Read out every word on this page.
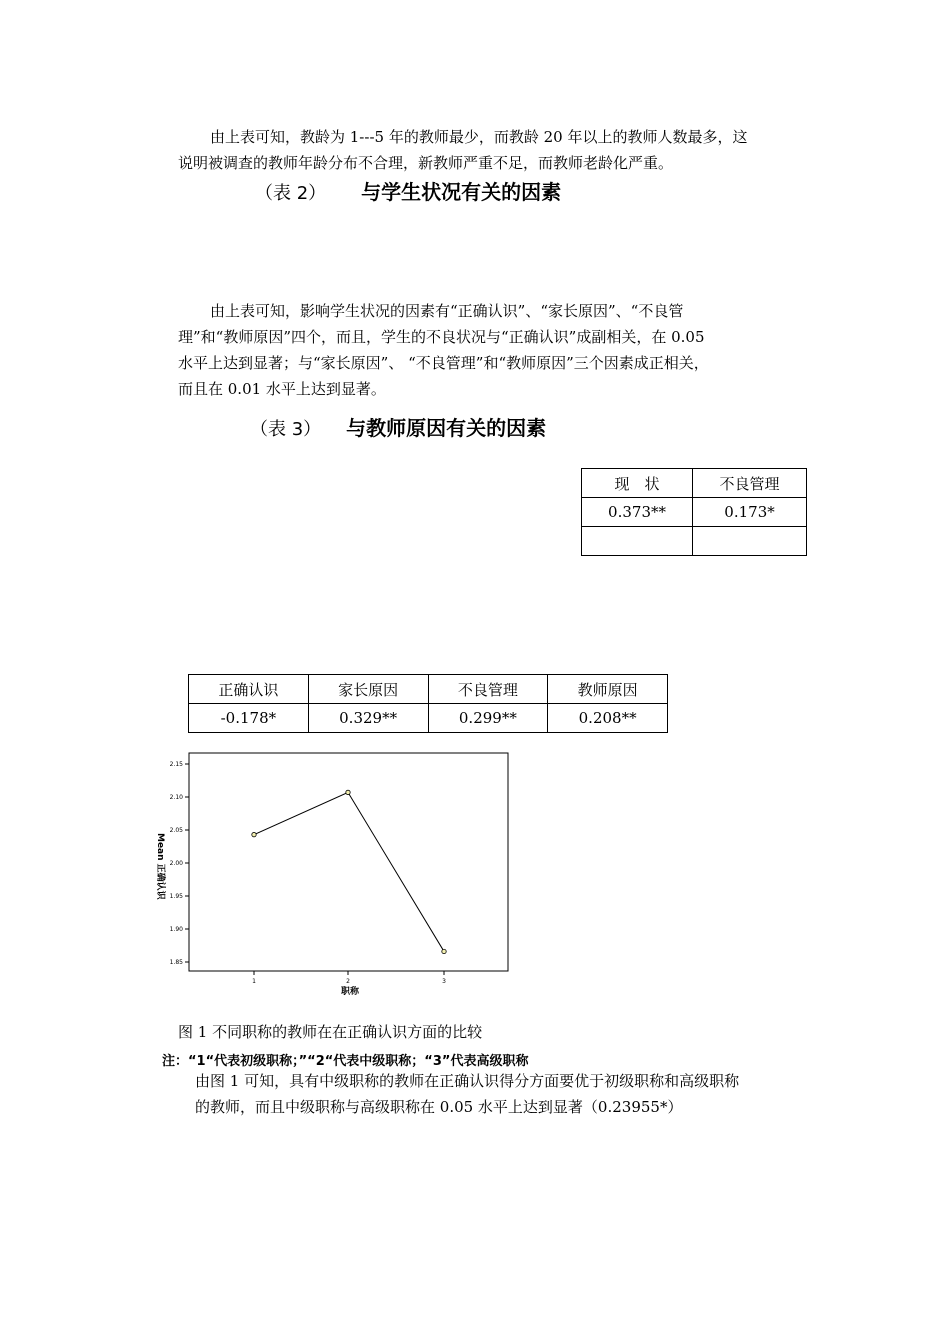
由上表可知，教龄为 1---5 年的教师最少，而教龄 20 年以上的教师人数最多，这
说明被调查的教师年龄分布不合理，新教师严重不足，而教师老龄化严重。
（表 2） 与学生状况有关的因素
由上表可知，影响学生状况的因素有“正确认识”、“家长原因”、“不良管
理”和“教师原因”四个，而且，学生的不良状况与“正确认识”成副相关，在 0.05
水平上达到显著；与“家长原因”、 “不良管理”和“教师原因”三个因素成正相关，
而且在 0.01 水平上达到显著。
（表 3） 与教师原因有关的因素
现　状	不良管理
0.373**	0.173*

正确认识	家长原因	不良管理	教师原因
-0.178*	0.329**	0.299**	0.208**
1.85
1.90
1.95
2.00
2.05
2.10
2.15
1	2	3
Mean 正确认识
职称

图 1 不同职称的教师在在正确认识方面的比较

注：“1“代表初级职称；”“2“代表中级职称；“3”代表高级职称

由图 1 可知，具有中级职称的教师在正确认识得分方面要优于初级职称和高级职称
的教师，而且中级职称与高级职称在 0.05 水平上达到显著（0.23955*）
